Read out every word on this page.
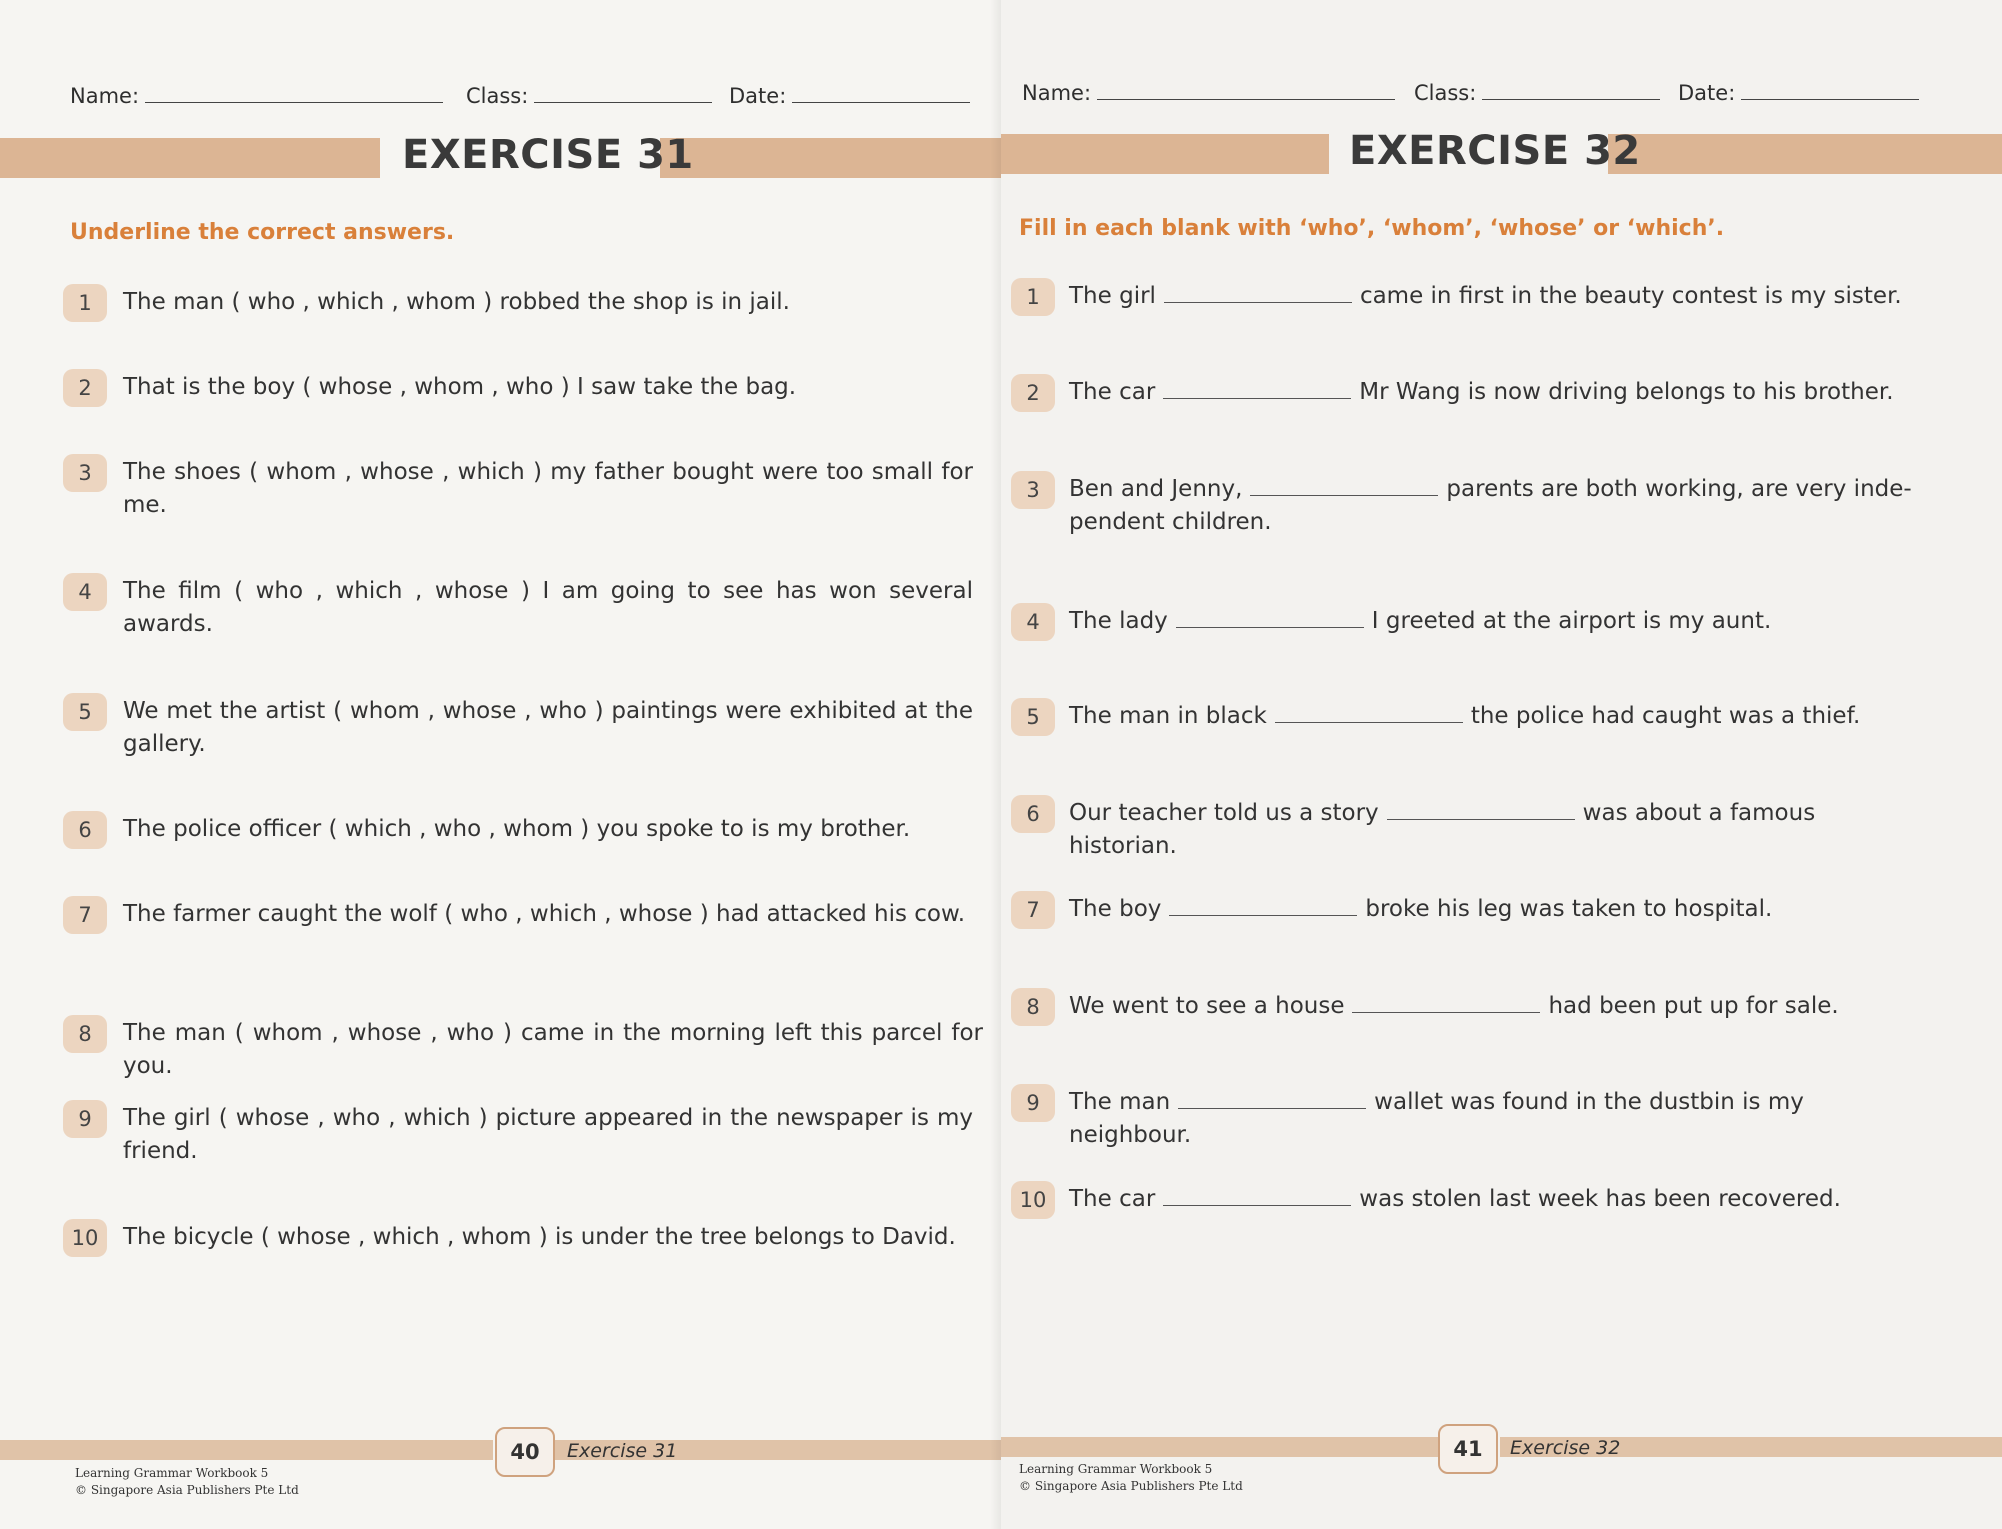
Name:	Class:	Date:
EXERCISE 31
Underline the correct answers.
1	The man ( who , which , whom ) robbed the shop is in jail.
2	That is the boy ( whose , whom , who ) I saw take the bag.
3	The shoes ( whom , whose , which ) my father bought were too small for me.
4	The film ( who , which , whose ) I am going to see has won several awards.
5	We met the artist ( whom , whose , who ) paintings were exhibited at the gallery.
6	The police officer ( which , who , whom ) you spoke to is my brother.
7	The farmer caught the wolf ( who , which , whose ) had attacked his cow.
8	The man ( whom , whose , who ) came in the morning left this parcel for you.
9	The girl ( whose , who , which ) picture appeared in the newspaper is my friend.
10	The bicycle ( whose , which , whom ) is under the tree belongs to David.
40	Exercise 31
Learning Grammar Workbook 5
© Singapore Asia Publishers Pte Ltd
Name:	Class:	Date:
EXERCISE 32
Fill in each blank with ‘who’, ‘whom’, ‘whose’ or ‘which’.
1	The girl	came in first in the beauty contest is my sister.
2	The car	Mr Wang is now driving belongs to his brother.
3	Ben and Jenny,	parents are both working, are very inde-pendent children.
4	The lady	I greeted at the airport is my aunt.
5	The man in black	the police had caught was a thief.
6	Our teacher told us a story	was about a famous historian.
7	The boy	broke his leg was taken to hospital.
8	We went to see a house	had been put up for sale.
9	The man	wallet was found in the dustbin is my neighbour.
10 The car	was stolen last week has been recovered.
41	Exercise 32
Learning Grammar Workbook 5
© Singapore Asia Publishers Pte Ltd
